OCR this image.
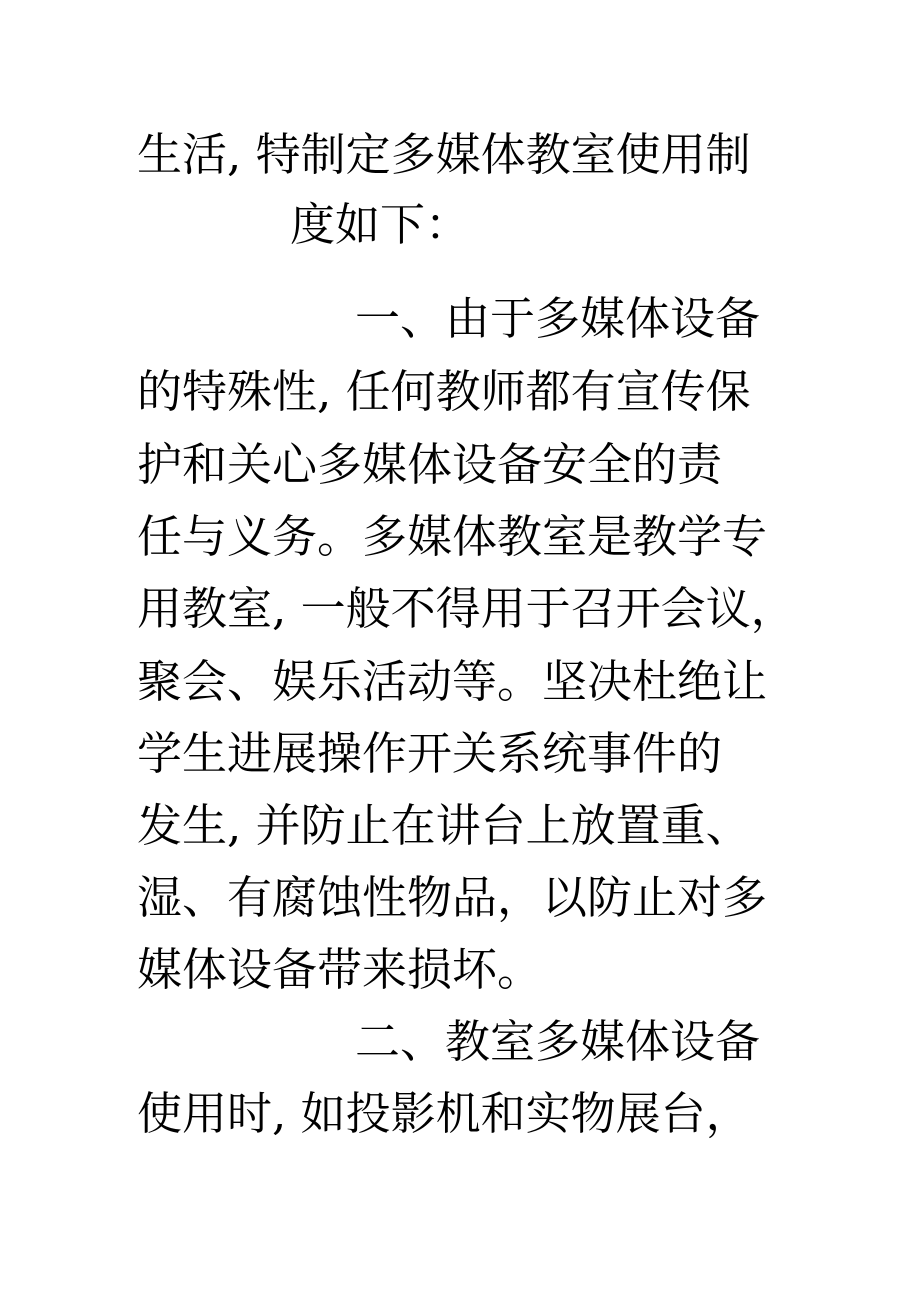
生活, 特制定多媒体教室使用制
度如下：
一、由于多媒体设备
的特殊性, 任何教师都有宣传保
护和关心多媒体设备安全的责
任与义务。多媒体教室是教学专
用教室, 一般不得用于召开会议，
聚会、娱乐活动等。坚决杜绝让
学生进展操作开关系统事件的
发生, 并防止在讲台上放置重、
湿、有腐蚀性物品，以防止对多
媒体设备带来损坏。
二、教室多媒体设备
使用时, 如投影机和实物展台，
